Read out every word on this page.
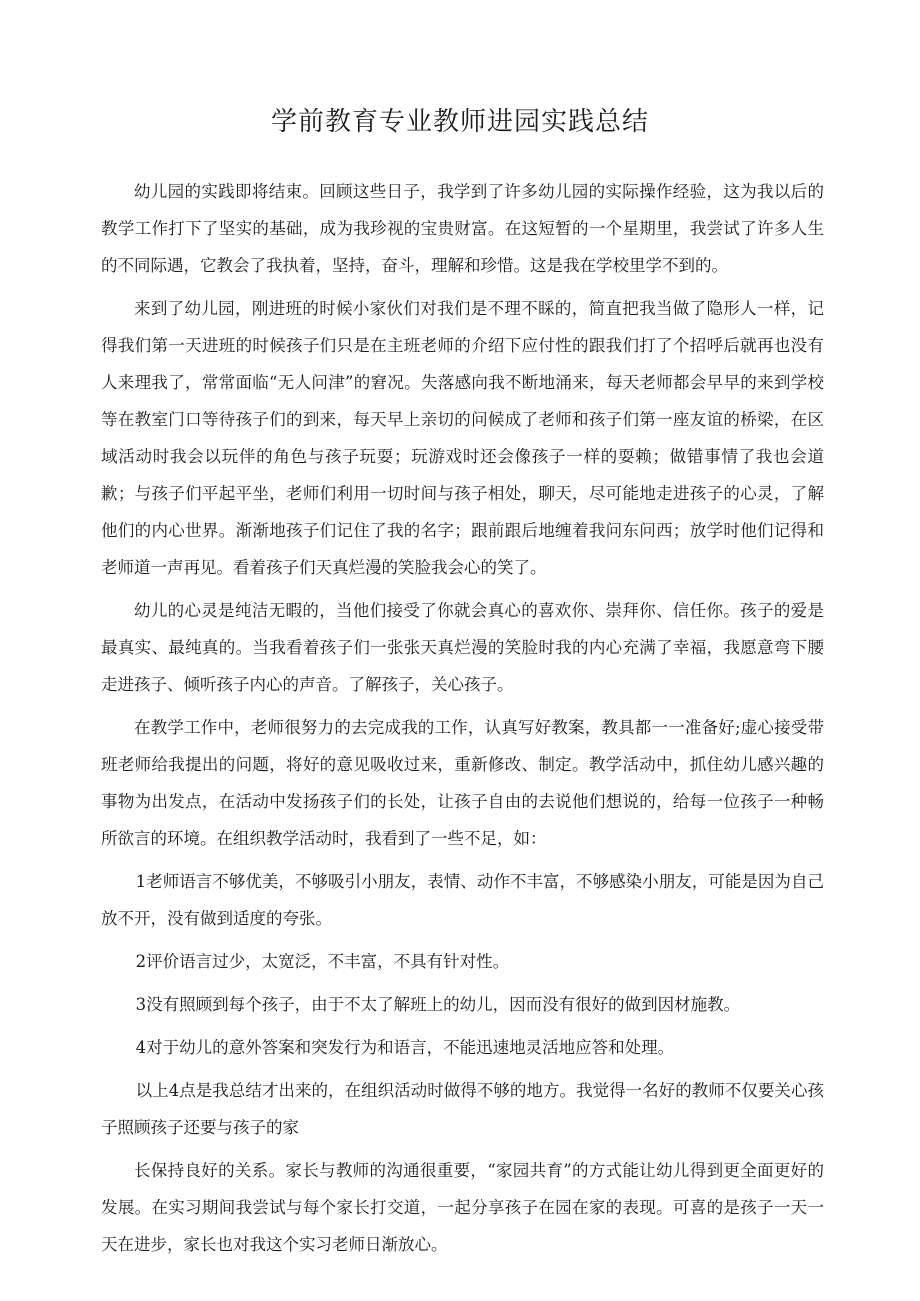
学前教育专业教师进园实践总结

幼儿园的实践即将结束。回顾这些日子，我学到了许多幼儿园的实际操作经验，这为我以后的教学工作打下了坚实的基础，成为我珍视的宝贵财富。在这短暂的一个星期里，我尝试了许多人生的不同际遇，它教会了我执着，坚持，奋斗，理解和珍惜。这是我在学校里学不到的。

来到了幼儿园，刚进班的时候小家伙们对我们是不理不睬的，简直把我当做了隐形人一样，记得我们第一天进班的时候孩子们只是在主班老师的介绍下应付性的跟我们打了个招呼后就再也没有人来理我了，常常面临“无人问津”的窘况。失落感向我不断地涌来，每天老师都会早早的来到学校等在教室门口等待孩子们的到来，每天早上亲切的问候成了老师和孩子们第一座友谊的桥梁，在区域活动时我会以玩伴的角色与孩子玩耍；玩游戏时还会像孩子一样的耍赖；做错事情了我也会道歉；与孩子们平起平坐，老师们利用一切时间与孩子相处，聊天，尽可能地走进孩子的心灵，了解他们的内心世界。渐渐地孩子们记住了我的名字；跟前跟后地缠着我问东问西；放学时他们记得和老师道一声再见。看着孩子们天真烂漫的笑脸我会心的笑了。

幼儿的心灵是纯洁无暇的，当他们接受了你就会真心的喜欢你、崇拜你、信任你。孩子的爱是最真实、最纯真的。当我看着孩子们一张张天真烂漫的笑脸时我的内心充满了幸福，我愿意弯下腰走进孩子、倾听孩子内心的声音。了解孩子，关心孩子。

在教学工作中，老师很努力的去完成我的工作，认真写好教案，教具都一一准备好;虚心接受带班老师给我提出的问题，将好的意见吸收过来，重新修改、制定。教学活动中，抓住幼儿感兴趣的事物为出发点，在活动中发扬孩子们的长处，让孩子自由的去说他们想说的，给每一位孩子一种畅所欲言的环境。在组织教学活动时，我看到了一些不足，如：

1老师语言不够优美，不够吸引小朋友，表情、动作不丰富，不够感染小朋友，可能是因为自己放不开，没有做到适度的夸张。

2评价语言过少，太宽泛，不丰富，不具有针对性。

3没有照顾到每个孩子，由于不太了解班上的幼儿，因而没有很好的做到因材施教。

4对于幼儿的意外答案和突发行为和语言，不能迅速地灵活地应答和处理。

以上4点是我总结才出来的，在组织活动时做得不够的地方。我觉得一名好的教师不仅要关心孩子照顾孩子还要与孩子的家

长保持良好的关系。家长与教师的沟通很重要，“家园共育”的方式能让幼儿得到更全面更好的发展。在实习期间我尝试与每个家长打交道，一起分享孩子在园在家的表现。可喜的是孩子一天一天在进步，家长也对我这个实习老师日渐放心。
